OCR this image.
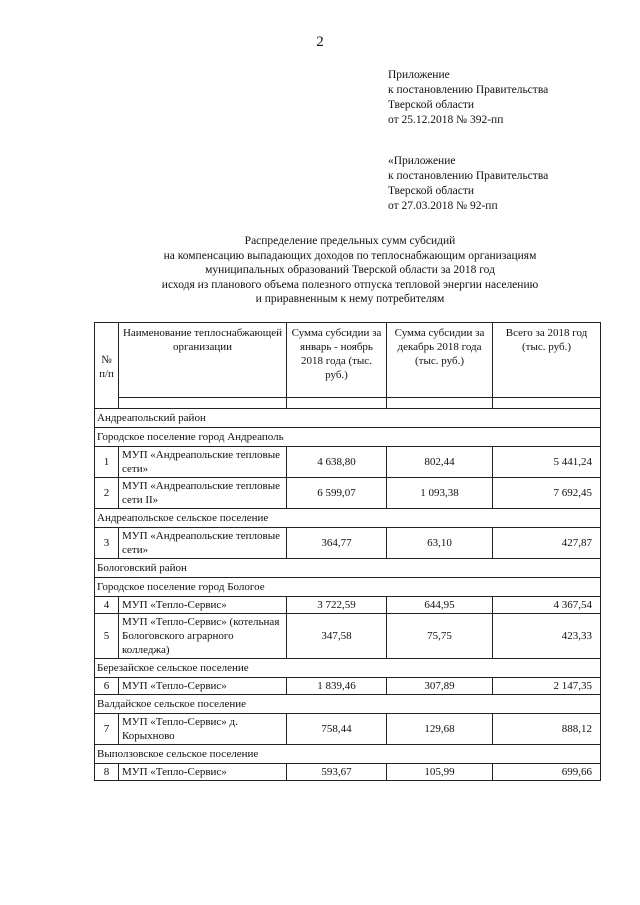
2
Приложение
к постановлению Правительства
Тверской области
от 25.12.2018 № 392-пп
«Приложение
к постановлению Правительства
Тверской области
от 27.03.2018 № 92-пп
Распределение предельных сумм субсидий
на компенсацию выпадающих доходов по теплоснабжающим организациям
муниципальных образований Тверской области за 2018 год
исходя из планового объема полезного отпуска тепловой энергии населению
и приравненным к нему потребителям
№ п/п	Наименование теплоснабжающей организации	Сумма субсидии за январь - ноябрь 2018 года (тыс. руб.)	Сумма субсидии за декабрь 2018 года (тыс. руб.)	Всего за 2018 год (тыс. руб.)

Андреапольский район				
Городское поселение город Андреаполь				
1	МУП «Андреапольские тепловые сети»	4 638,80	802,44	5 441,24
2	МУП «Андреапольские тепловые сети II»	6 599,07	1 093,38	7 692,45
Андреапольское сельское поселение				
3	МУП «Андреапольские тепловые сети»	364,77	63,10	427,87
Бологовский район				
Городское поселение город Бологое				
4	МУП «Тепло-Сервис»	3 722,59	644,95	4 367,54
5	МУП «Тепло-Сервис» (котельная Бологовского аграрного колледжа)	347,58	75,75	423,33
Березайское сельское поселение				
6	МУП «Тепло-Сервис»	1 839,46	307,89	2 147,35
Валдайское сельское поселение				
7	МУП «Тепло-Сервис» д. Корыхново	758,44	129,68	888,12
Выползовское сельское поселение				
8	МУП «Тепло-Сервис»	593,67	105,99	699,66
